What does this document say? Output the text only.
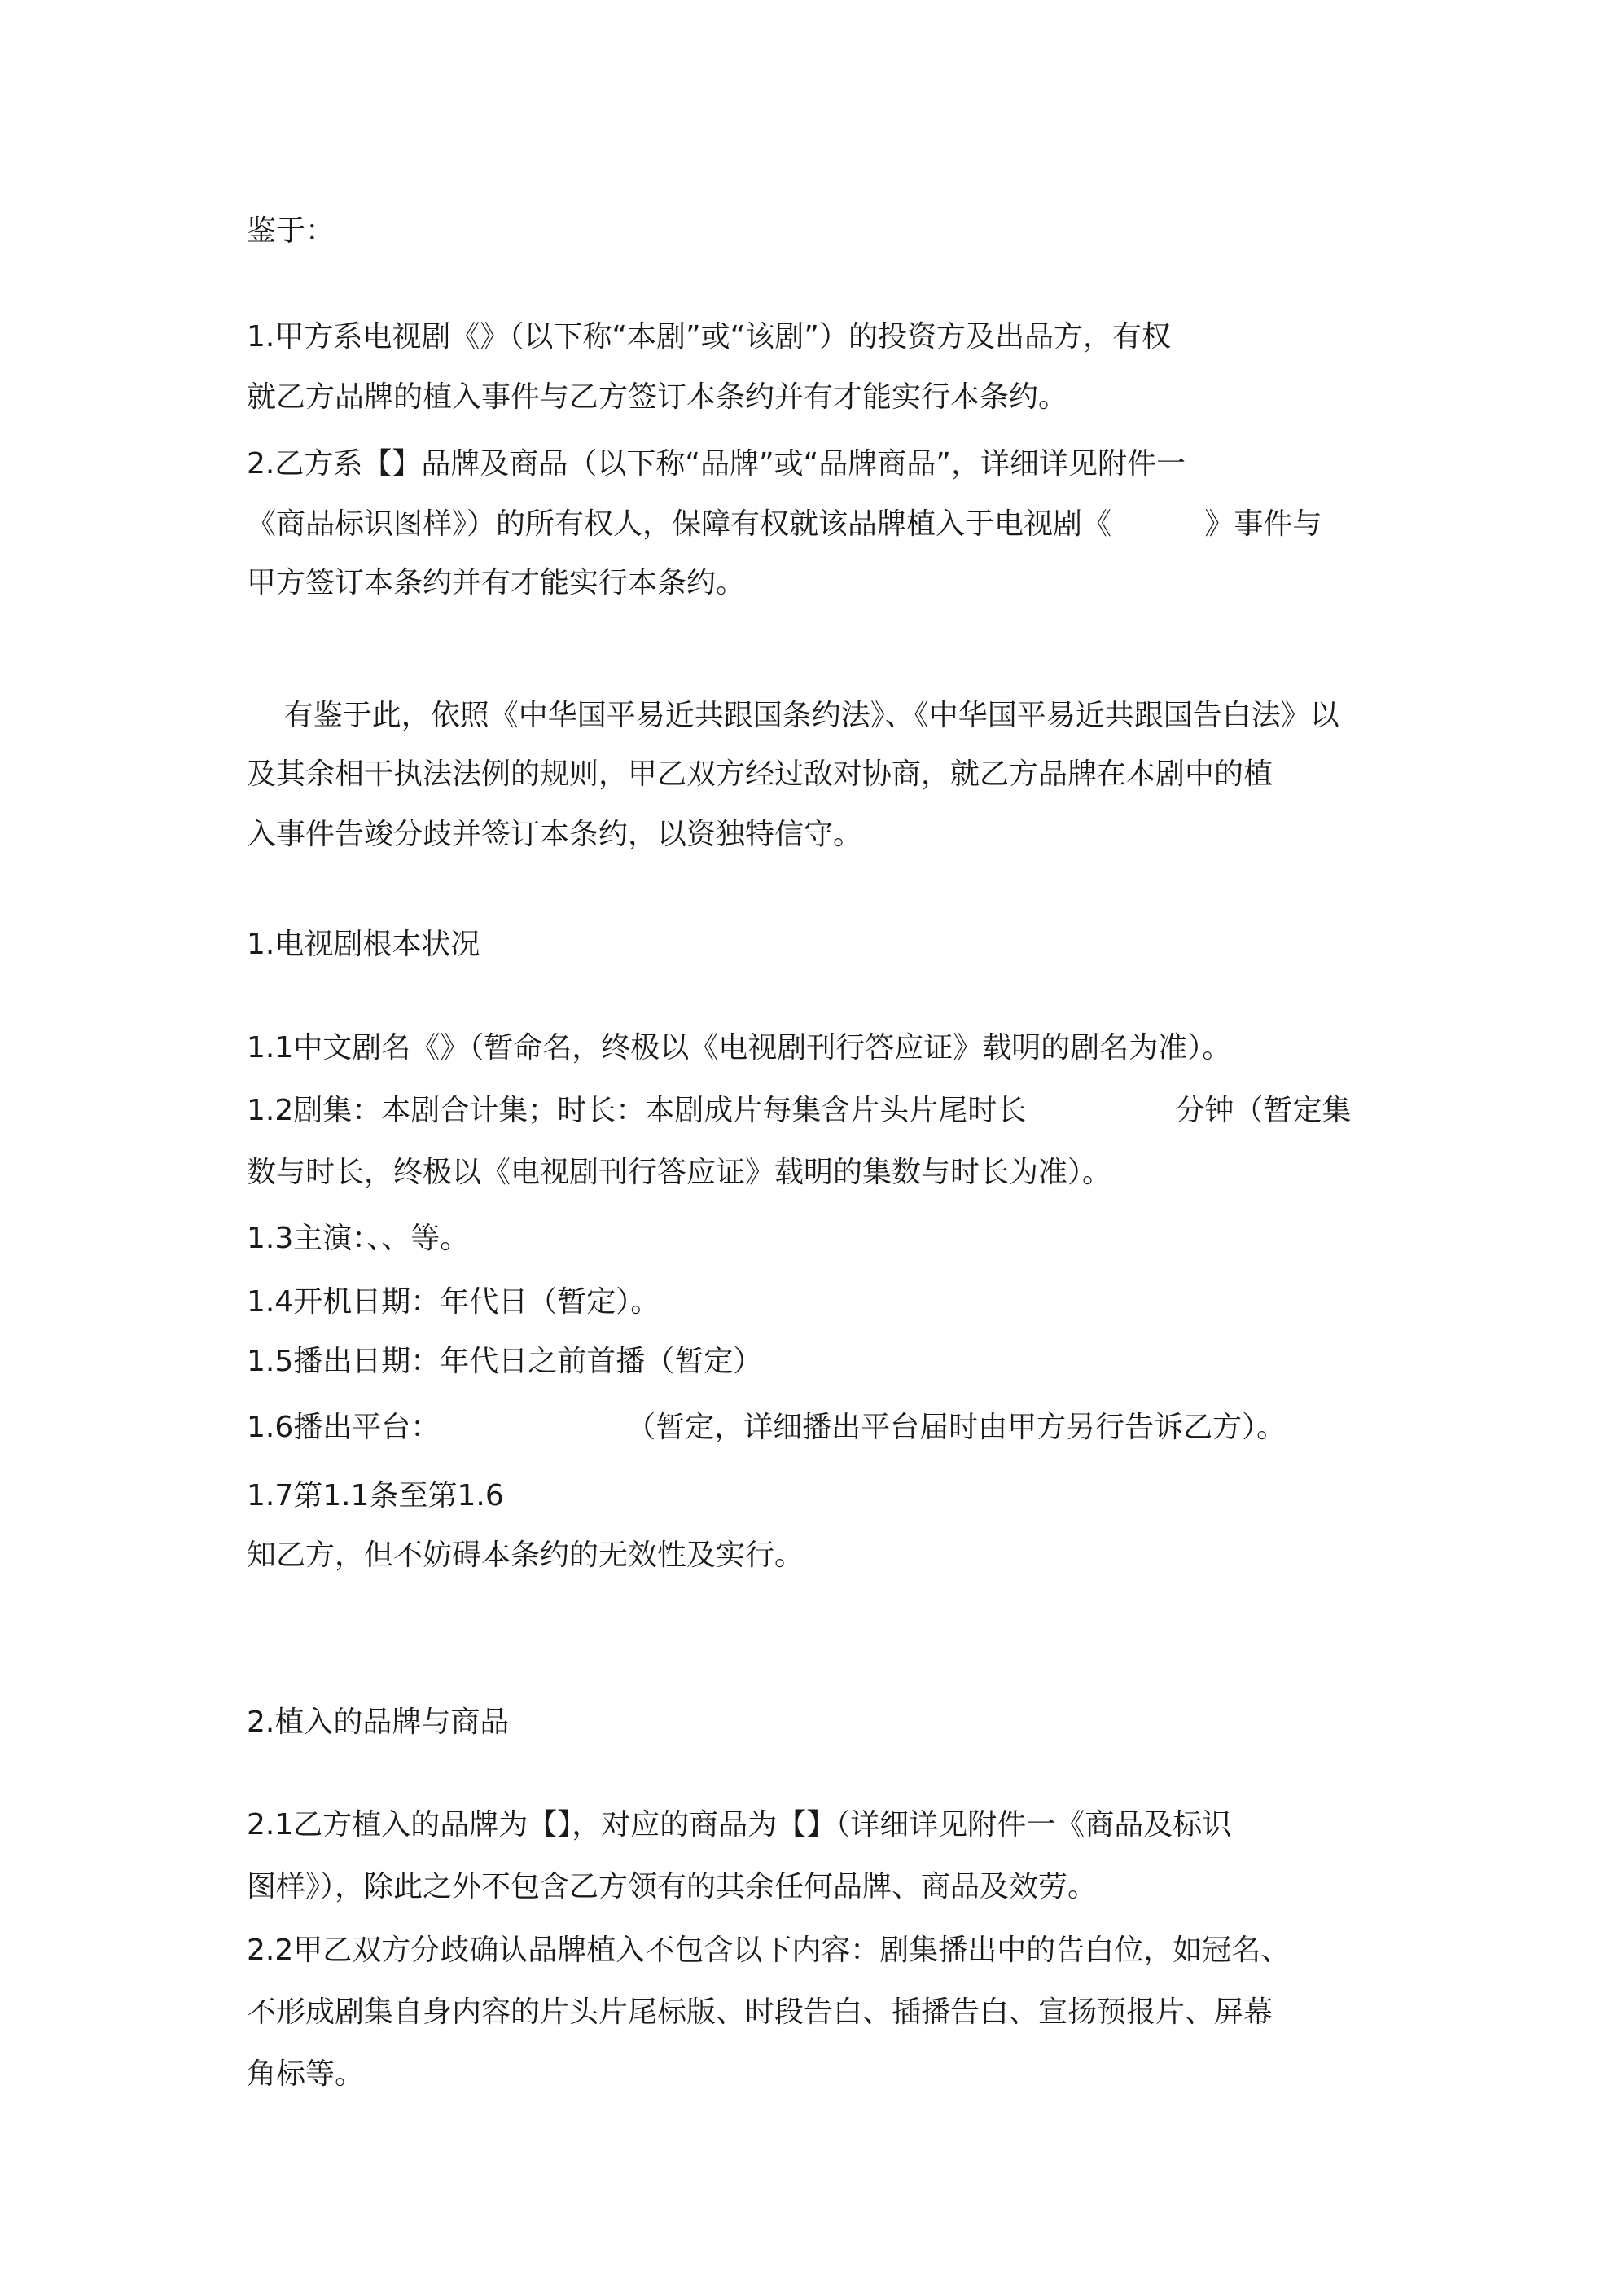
鉴于：

1.甲方系电视剧《》（以下称“本剧”或“该剧”）的投资方及出品方，有权

就乙方品牌的植入事件与乙方签订本条约并有才能实行本条约。

2.乙方系【】品牌及商品（以下称“品牌”或“品牌商品”，详细详见附件一

《商品标识图样》）的所有权人，保障有权就该品牌植入于电视剧《          》事件与

甲方签订本条约并有才能实行本条约。

有鉴于此，依照《中华国平易近共跟国条约法》、《中华国平易近共跟国告白法》以

及其余相干执法法例的规则，甲乙双方经过敌对协商，就乙方品牌在本剧中的植

入事件告竣分歧并签订本条约，以资独特信守。

1.电视剧根本状况

1.1中文剧名《》（暂命名，终极以《电视剧刊行答应证》载明的剧名为准）。

1.2剧集：本剧合计集；时长：本剧成片每集含片头片尾时长                分钟（暂定集

数与时长，终极以《电视剧刊行答应证》载明的集数与时长为准）。

1.3主演：、、等。

1.4开机日期：年代日（暂定）。

1.5播出日期：年代日之前首播（暂定）

1.6播出平台：                    （暂定，详细播出平台届时由甲方另行告诉乙方）。

1.7第1.1条至第1.6

知乙方，但不妨碍本条约的无效性及实行。

2.植入的品牌与商品

2.1乙方植入的品牌为【】，对应的商品为【】（详细详见附件一《商品及标识

图样》），除此之外不包含乙方领有的其余任何品牌、商品及效劳。

2.2甲乙双方分歧确认品牌植入不包含以下内容：剧集播出中的告白位，如冠名、

不形成剧集自身内容的片头片尾标版、时段告白、插播告白、宣扬预报片、屏幕

角标等。
